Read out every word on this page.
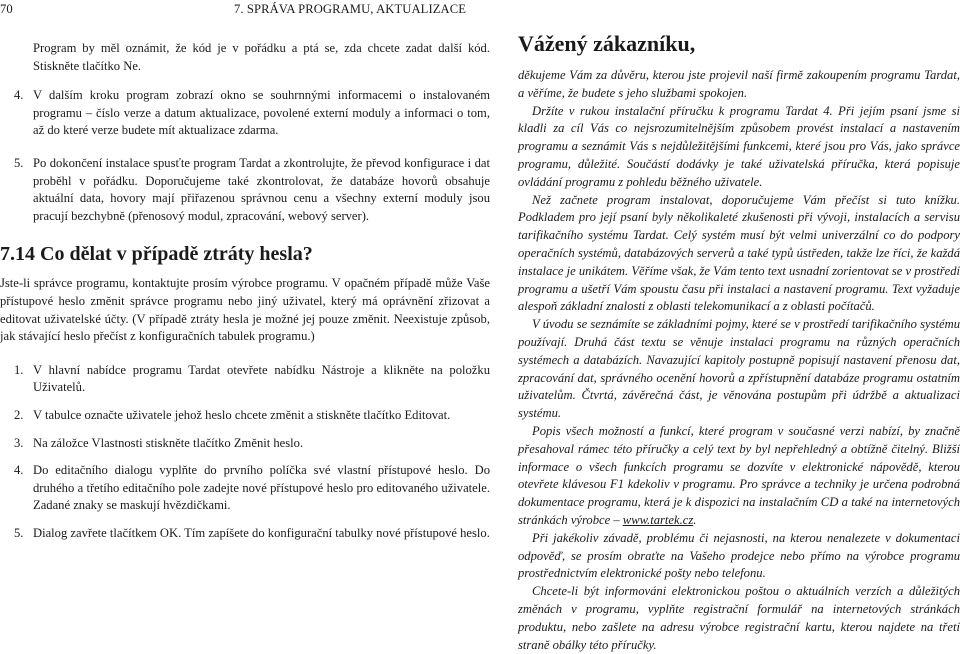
70	7. SPRÁVA PROGRAMU, AKTUALIZACE

Program by měl oznámit, že kód je v pořádku a ptá se, zda chcete zadat další kód. Stiskněte tlačítko Ne.

4. V dalším kroku program zobrazí okno se souhrnnými informacemi o instalovaném programu – číslo verze a datum aktualizace, povolené externí moduly a informaci o tom, až do které verze budete mít aktualizace zdarma.
5. Po dokončení instalace spusťte program Tardat a zkontrolujte, že převod konfigurace i dat proběhl v pořádku. Doporučujeme také zkontrolovat, že databáze hovorů obsahuje aktuální data, hovory mají přiřazenou správnou cenu a všechny externí moduly jsou pracují bezchybně (přenosový modul, zpracování, webový server).
7.14 Co dělat v případě ztráty hesla?

Jste-li správce programu, kontaktujte prosím výrobce programu. V opačném případě může Vaše přístupové heslo změnit správce programu nebo jiný uživatel, který má oprávnění zřizovat a editovat uživatelské účty. (V případě ztráty hesla je možné jej pouze změnit. Neexistuje způsob, jak stávající heslo přečíst z konfiguračních tabulek programu.)

1. V hlavní nabídce programu Tardat otevřete nabídku Nástroje a klikněte na položku Uživatelů.
2. V tabulce označte uživatele jehož heslo chcete změnit a stiskněte tlačítko Editovat.
3. Na záložce Vlastnosti stiskněte tlačítko Změnit heslo.
4. Do editačního dialogu vyplňte do prvního políčka své vlastní přístupové heslo. Do druhého a třetího editačního pole zadejte nové přístupové heslo pro editovaného uživatele. Zadané znaky se maskují hvězdičkami.
5. Dialog zavřete tlačítkem OK. Tím zapíšete do konfigurační tabulky nové přístupové heslo.
Vážený zákazníku,

děkujeme Vám za důvěru, kterou jste projevil naší firmě zakoupením programu Tardat, a věříme, že budete s jeho službami spokojen.

Držíte v rukou instalační příručku k programu Tardat 4. Při jejím psaní jsme si kladli za cíl Vás co nejsrozumitelnějším způsobem provést instalací a nastavením programu a seznámit Vás s nejdůležitějšími funkcemi, které jsou pro Vás, jako správce programu, důležité. Součástí dodávky je také uživatelská příručka, která popisuje ovládání programu z pohledu běžného uživatele.

Než začnete program instalovat, doporučujeme Vám přečíst si tuto knížku. Podkladem pro její psaní byly několikaleté zkušenosti při vývoji, instalacích a servisu tarifikačního systému Tardat. Celý systém musí být velmi univerzální co do podpory operačních systémů, databázových serverů a také typů ústředen, takže lze říci, že každá instalace je unikátem. Věříme však, že Vám tento text usnadní zorientovat se v prostředí programu a ušetří Vám spoustu času při instalaci a nastavení programu. Text vyžaduje alespoň základní znalosti z oblasti telekomunikací a z oblasti počítačů.

V úvodu se seznámíte se základními pojmy, které se v prostředí tarifikačního systému používají. Druhá část textu se věnuje instalaci programu na různých operačních systémech a databázích. Navazující kapitoly postupně popisují nastavení přenosu dat, zpracování dat, správného ocenění hovorů a zpřístupnění databáze programu ostatním uživatelům. Čtvrtá, závěrečná část, je věnována postupům při údržbě a aktualizaci systému.

Popis všech možností a funkcí, které program v současné verzi nabízí, by značně přesahoval rámec této příručky a celý text by byl nepřehledný a obtížně čitelný. Bližší informace o všech funkcích programu se dozvíte v elektronické nápovědě, kterou otevřete klávesou F1 kdekoliv v programu. Pro správce a techniky je určena podrobná dokumentace programu, která je k dispozici na instalačním CD a také na internetových stránkách výrobce – www.tartek.cz.

Při jakékoliv závadě, problému či nejasnosti, na kterou nenalezete v dokumentaci odpověď, se prosím obraťte na Vašeho prodejce nebo přímo na výrobce programu prostřednictvím elektronické pošty nebo telefonu.

Chcete-li být informováni elektronickou poštou o aktuálních verzích a důležitých změnách v programu, vyplňte registrační formulář na internetových stránkách produktu, nebo zašlete na adresu výrobce registrační kartu, kterou najdete na třetí straně obálky této příručky.
